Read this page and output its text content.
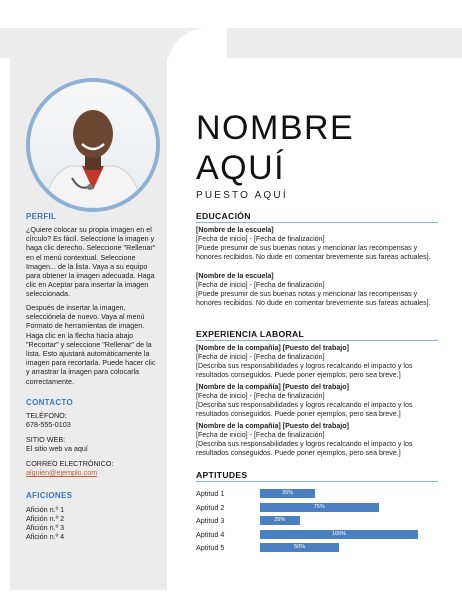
PERFIL
¿Quiere colocar su propia imagen en el círculo? Es fácil. Seleccione la imagen y haga clic derecho. Seleccione "Rellenar" en el menú contextual. Seleccione Imagen... de la lista. Vaya a su equipo para obtener la imagen adecuada. Haga clic en Aceptar para insertar la imagen seleccionada.
Después de insertar la imagen, selecciónela de nuevo. Vaya al menú Formato de herramientas de imagen. Haga clic en la flecha hacia abajo "Recortar" y seleccione "Rellenar" de la lista. Esto ajustará automáticamente la imagen para recortarla. Puede hacer clic y arrastrar la imagen para colocarla correctamente.
CONTACTO
TELÉFONO:
678-555-0103
SITIO WEB:
El sitio web va aquí
CORREO ELECTRÓNICO:
alguien@ejemplo.com
AFICIONES
Afición n.º 1
Afición n.º 2
Afición n.º 3
Afición n.º 4
NOMBRE
AQUÍ
PUESTO AQUÍ
EDUCACIÓN
[Nombre de la escuela]
[Fecha de inicio] - [Fecha de finalización]
[Puede presumir de sus buenas notas y mencionar las recompensas y honores recibidos. No dude en comentar brevemente sus fareas actuales].
[Nombre de la escuela]
[Fecha de inicio] - [Fecha de finalización]
[Puede presumir de sus buenas notas y mencionar las recompensas y honores recibidos. No dude en comentar brevemente sus fareas actuales].
EXPERIENCIA LABORAL
[Nombre de la compañía] [Puesto del trabajo]
[Fecha de inicio] - [Fecha de finalización]
[Describa sus responsabilidades y logros recalcando el impacto y los resultados conseguidos. Puede poner ejemplos, pero sea breve.]
[Nombre de la compañía] [Puesto del trabajo]
[Fecha de inicio] - [Fecha de finalización]
[Describa sus responsabilidades y logros recalcando el impacto y los resultados conseguidos. Puede poner ejemplos, pero sea breve.]
[Nombre de la compañía] [Puesto del trabajo]
[Fecha de inicio] - [Fecha de finalización]
[Describa sus responsabilidades y logros recalcando el impacto y los resultados conseguidos. Puede poner ejemplos, pero sea breve.]
APTITUDES
Aptitud 1	35%
Aptitud 2	75%
Aptitud 3	25%
Aptitud 4	100%
Aptitud 5	50%
